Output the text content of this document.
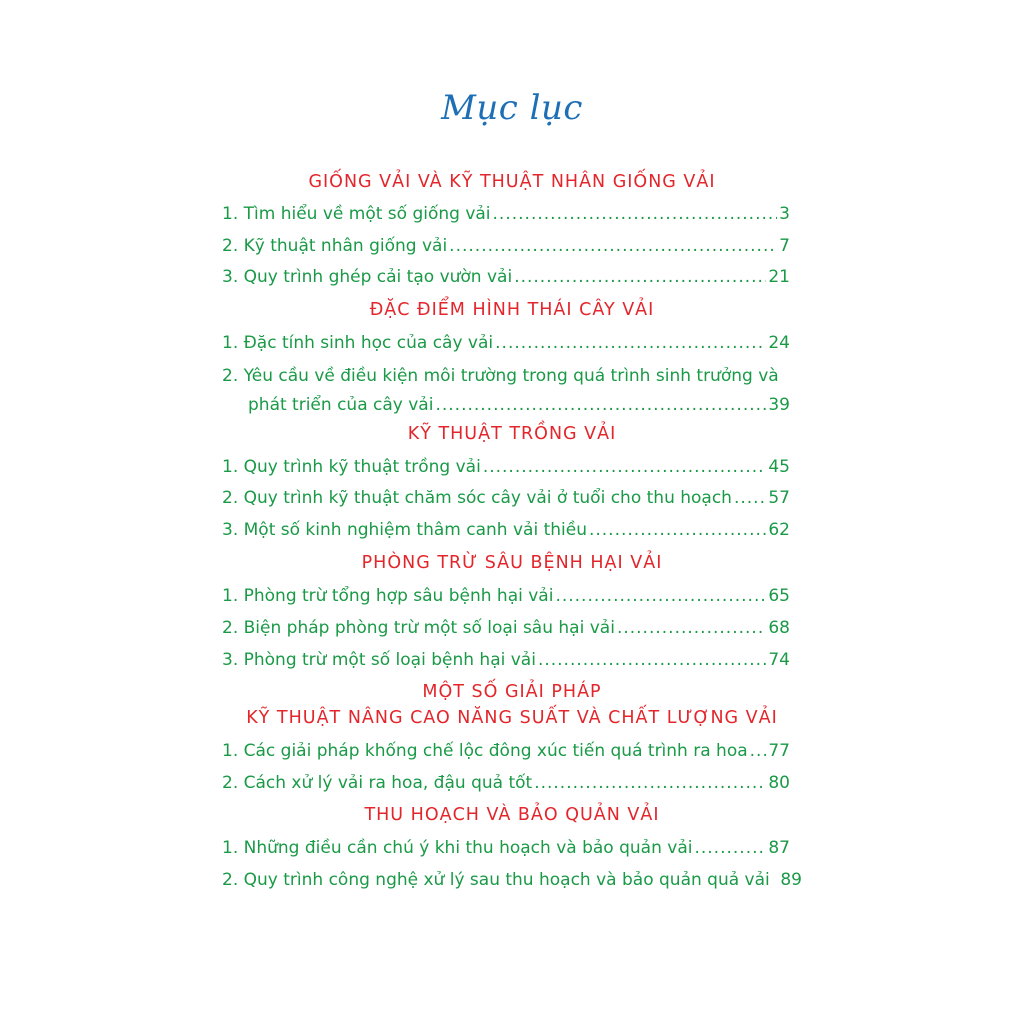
Mục lục
GIỐNG VẢI VÀ KỸ THUẬT NHÂN GIỐNG VẢI
1. Tìm hiểu về một số giống vải .....	3
2. Kỹ thuật nhân giống vải .....	7
3. Quy trình ghép cải tạo vườn vải .....	21
ĐẶC ĐIỂM HÌNH THÁI CÂY VẢI
1. Đặc tính sinh học của cây vải .....	24
2. Yêu cầu về điều kiện môi trường trong quá trình sinh trưởng và
phát triển của cây vải .....	39
KỸ THUẬT TRỒNG VẢI
1. Quy trình kỹ thuật trồng vải .....	45
2. Quy trình kỹ thuật chăm sóc cây vải ở tuổi cho thu hoạch ..... 57
3. Một số kinh nghiệm thâm canh vải thiều .....	62
PHÒNG TRỪ SÂU BỆNH HẠI VẢI
1. Phòng trừ tổng hợp sâu bệnh hại vải .....	65
2. Biện pháp phòng trừ một số loại sâu hại vải .....	68
3. Phòng trừ một số loại bệnh hại vải .....	74
MỘT SỐ GIẢI PHÁP
KỸ THUẬT NÂNG CAO NĂNG SUẤT VÀ CHẤT LƯỢNG VẢI
1. Các giải pháp khống chế lộc đông xúc tiến quá trình ra hoa ..... 77
2. Cách xử lý vải ra hoa, đậu quả tốt .....	80
THU HOẠCH VÀ BẢO QUẢN VẢI
1. Những điều cần chú ý khi thu hoạch và bảo quản vải .....	87
2. Quy trình công nghệ xử lý sau thu hoạch và bảo quản quả vải 89
